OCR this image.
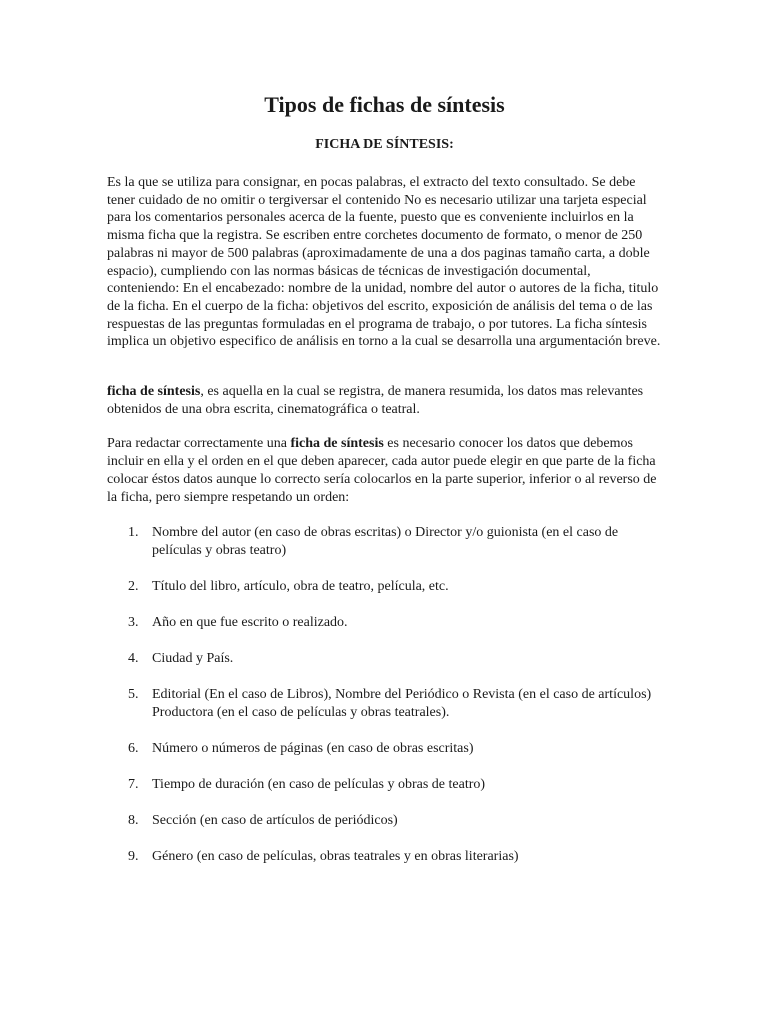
Tipos de fichas de síntesis
FICHA DE SÍNTESIS:

Es la que se utiliza para consignar, en pocas palabras, el extracto del texto consultado. Se debe tener cuidado de no omitir o tergiversar el contenido No es necesario utilizar una tarjeta especial para los comentarios personales acerca de la fuente, puesto que es conveniente incluirlos en la misma ficha que la registra. Se escriben entre corchetes documento de formato, o menor de 250 palabras ni mayor de 500 palabras (aproximadamente de una a dos paginas tamaño carta, a doble espacio), cumpliendo con las normas básicas de técnicas de investigación documental, conteniendo: En el encabezado: nombre de la unidad, nombre del autor o autores de la ficha, titulo de la ficha. En el cuerpo de la ficha: objetivos del escrito, exposición de análisis del tema o de las respuestas de las preguntas formuladas en el programa de trabajo, o por tutores. La ficha síntesis implica un objetivo especifico de análisis en torno a la cual se desarrolla una argumentación breve.

ficha de síntesis, es aquella en la cual se registra, de manera resumida, los datos mas relevantes obtenidos de una obra escrita, cinematográfica o teatral.

Para redactar correctamente una ficha de síntesis es necesario conocer los datos que debemos incluir en ella y el orden en el que deben aparecer, cada autor puede elegir en que parte de la ficha colocar éstos datos aunque lo correcto sería colocarlos en la parte superior, inferior o al reverso de la ficha, pero siempre respetando un orden:

1. Nombre del autor (en caso de obras escritas) o Director y/o guionista (en el caso de películas y obras teatro)
2. Título del libro, artículo, obra de teatro, película, etc.
3. Año en que fue escrito o realizado.
4. Ciudad y País.
5. Editorial (En el caso de Libros), Nombre del Periódico o Revista (en el caso de artículos) Productora (en el caso de películas y obras teatrales).
6. Número o números de páginas (en caso de obras escritas)
7. Tiempo de duración (en caso de películas y obras de teatro)
8. Sección (en caso de artículos de periódicos)
9. Género (en caso de películas, obras teatrales y en obras literarias)
